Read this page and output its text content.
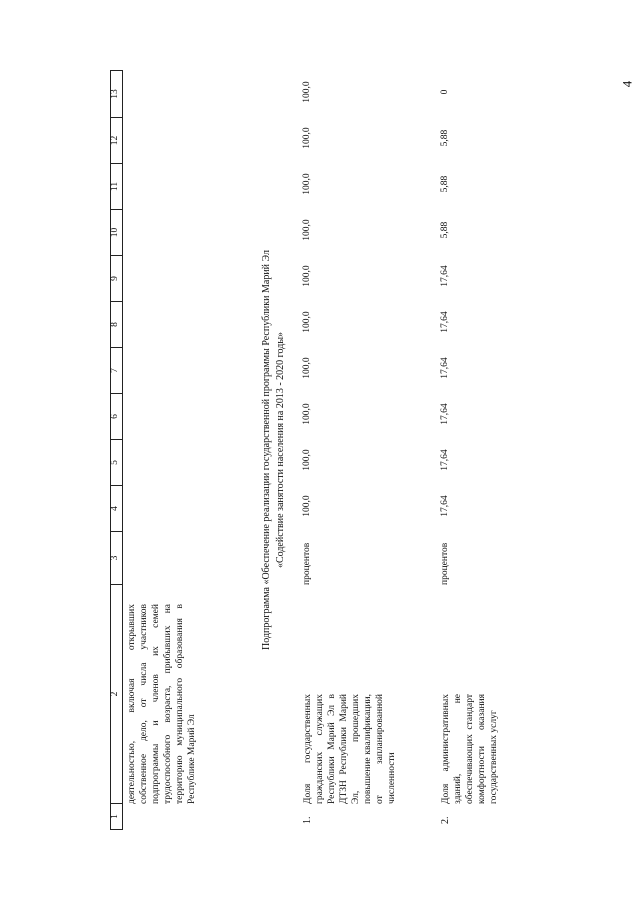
4
1
2
3
4
5
6
7
8
9
10
11
12
13
деятельностью, включая открывших собственное дело, от числа участников подпрограммы и членов их семей трудоспособного возраста, прибывших на территорию муниципального образования в Республике Марий Эл
Подпрограмма «Обеспечение реализации государственной программы Республики Марий Эл «Содействие занятости населения на 2013 - 2020 годы»
1.
Доля государственных гражданских служащих Республики Марий Эл в ДТЗН Республики Марий Эл, прошедших повышение квалификации, от запланированной численности
процентов
100,0
100,0
100,0
100,0
100,0
100,0
100,0
100,0
100,0
100,0
2.
Доля административных зданий, не обеспечивающих стандарт комфортности оказания государственных услуг
процентов
17,64
17,64
17,64
17,64
17,64
17,64
5,88
5,88
5,88
0
